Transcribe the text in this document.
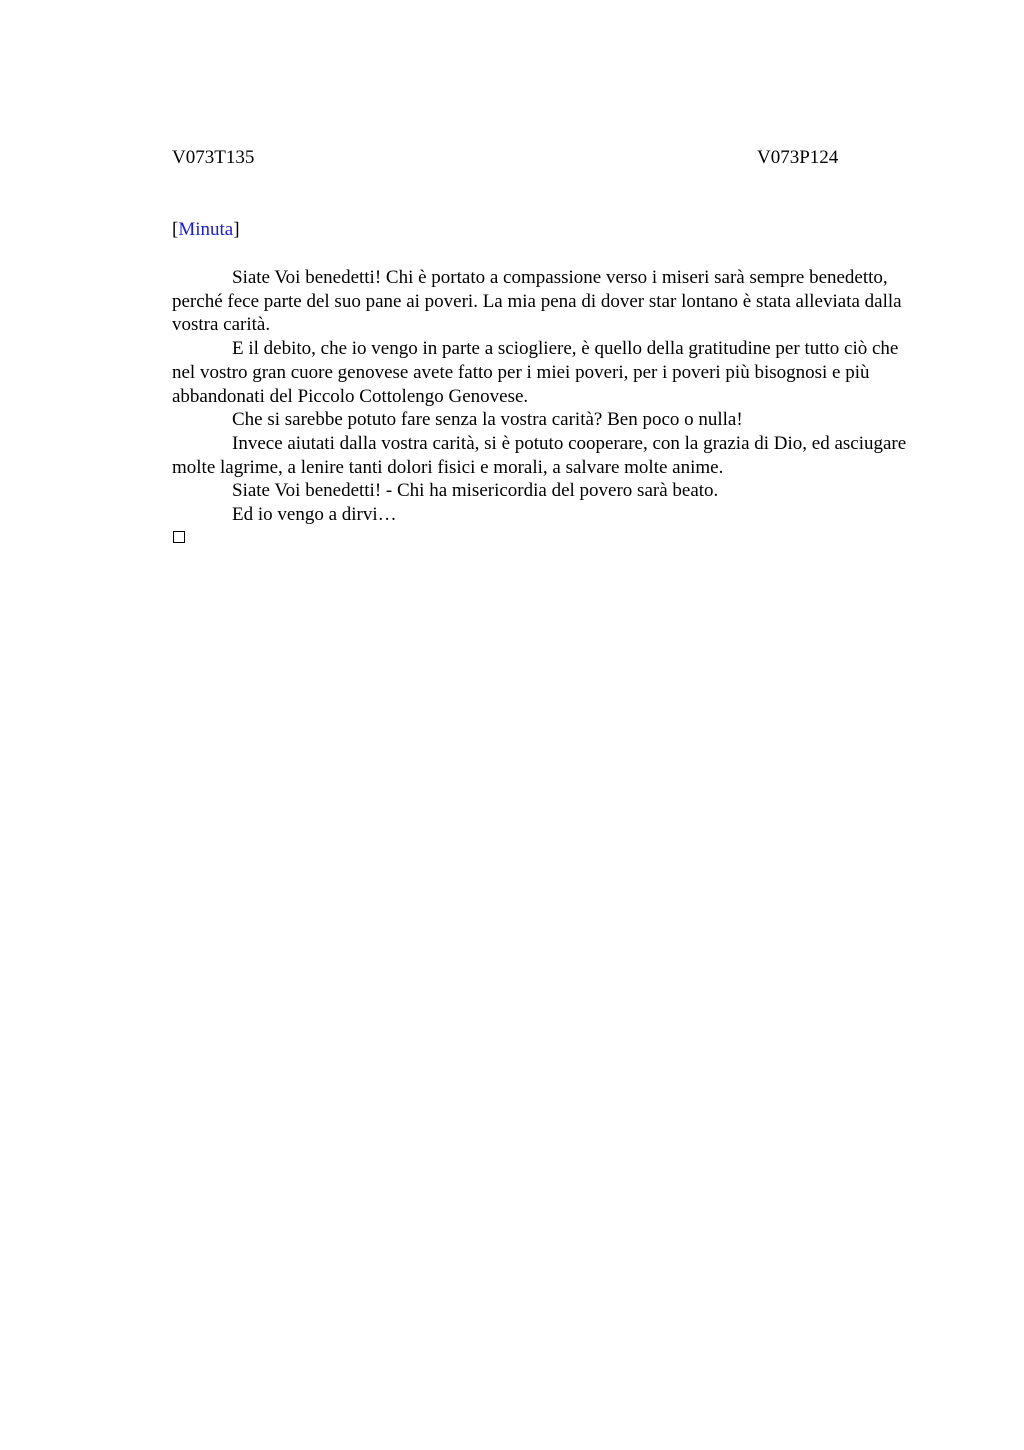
V073T135	V073P124
[Minuta]

Siate Voi benedetti! Chi è portato a compassione verso i miseri sarà sempre benedetto, perché fece parte del suo pane ai poveri. La mia pena di dover star lontano è stata alleviata dalla vostra carità.

E il debito, che io vengo in parte a sciogliere, è quello della gratitudine per tutto ciò che nel vostro gran cuore genovese avete fatto per i miei poveri, per i poveri più bisognosi e più abbandonati del Piccolo Cottolengo Genovese.

Che si sarebbe potuto fare senza la vostra carità? Ben poco o nulla!

Invece aiutati dalla vostra carità, si è potuto cooperare, con la grazia di Dio, ed asciugare molte lagrime, a lenire tanti dolori fisici e morali, a salvare molte anime.

Siate Voi benedetti! - Chi ha misericordia del povero sarà beato.

Ed io vengo a dirvi…
